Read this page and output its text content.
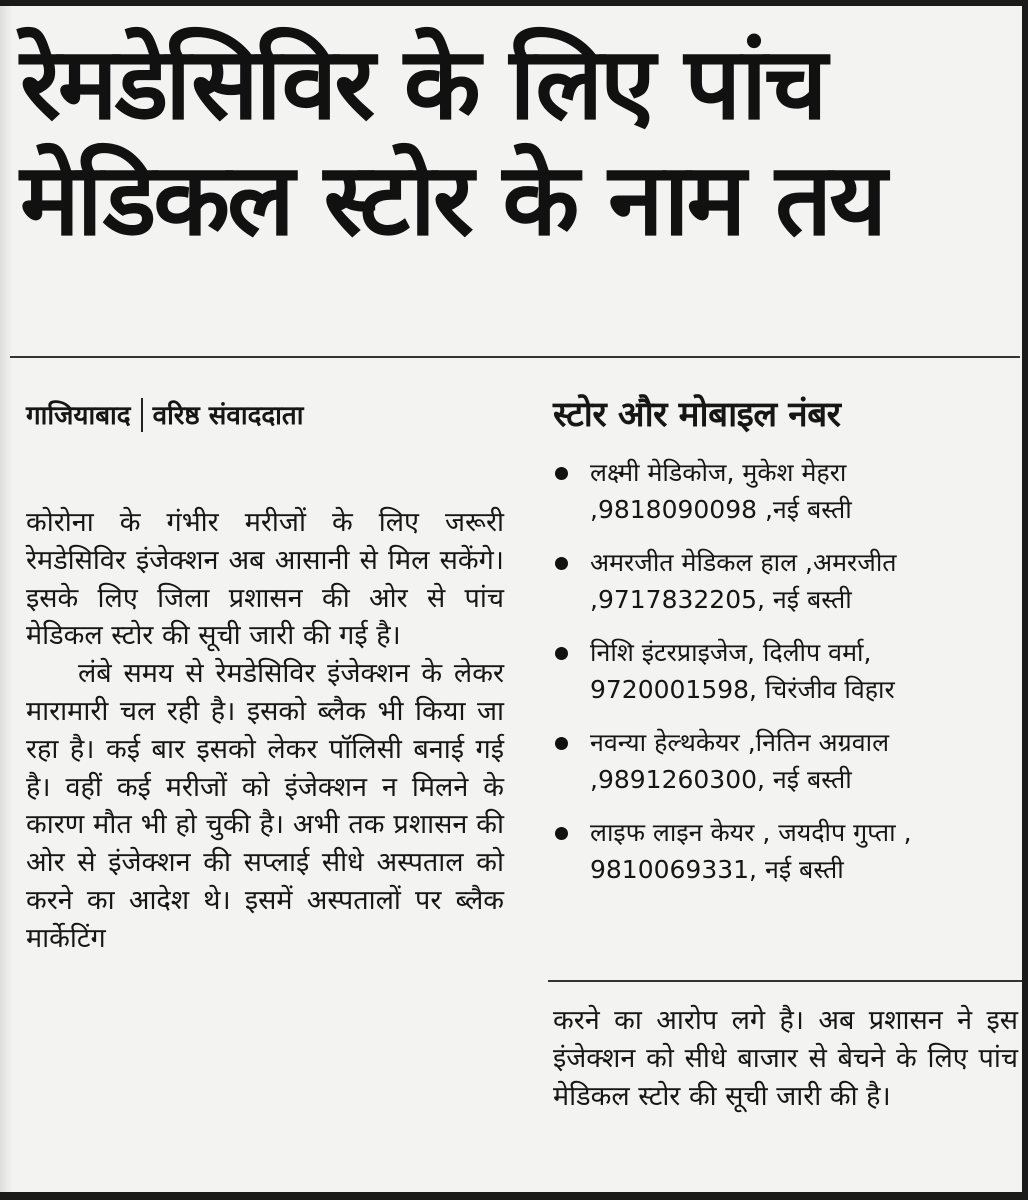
रेमडेसिविर के लिए पांच
मेडिकल स्टोर के नाम तय
गाजियाबाद वरिष्ठ संवाददाता

कोरोना के गंभीर मरीजों के लिए जरूरी रेमडेसिविर इंजेक्शन अब आसानी से मिल सकेंगे। इसके लिए जिला प्रशासन की ओर से पांच मेडिकल स्टोर की सूची जारी की गई है।

लंबे समय से रेमडेसिविर इंजेक्शन के लेकर मारामारी चल रही है। इसको ब्लैक भी किया जा रहा है। कई बार इसको लेकर पॉलिसी बनाई गई है। वहीं कई मरीजों को इंजेक्शन न मिलने के कारण मौत भी हो चुकी है। अभी तक प्रशासन की ओर से इंजेक्शन की सप्लाई सीधे अस्पताल को करने का आदेश थे। इसमें अस्पतालों पर ब्लैक मार्केटिंग

स्टोर और मोबाइल नंबर
लक्ष्मी मेडिकोज, मुकेश मेहरा
,9818090098 ,नई बस्ती
अमरजीत मेडिकल हाल ,अमरजीत
,9717832205, नई बस्ती
निशि इंटरप्राइजेज, दिलीप वर्मा,
9720001598, चिरंजीव विहार
नवन्या हेल्थकेयर ,नितिन अग्रवाल
,9891260300, नई बस्ती
लाइफ लाइन केयर , जयदीप गुप्ता ,
9810069331, नई बस्ती

करने का आरोप लगे है। अब प्रशासन ने इस इंजेक्शन को सीधे बाजार से बेचने के लिए पांच मेडिकल स्टोर की सूची जारी की है।
